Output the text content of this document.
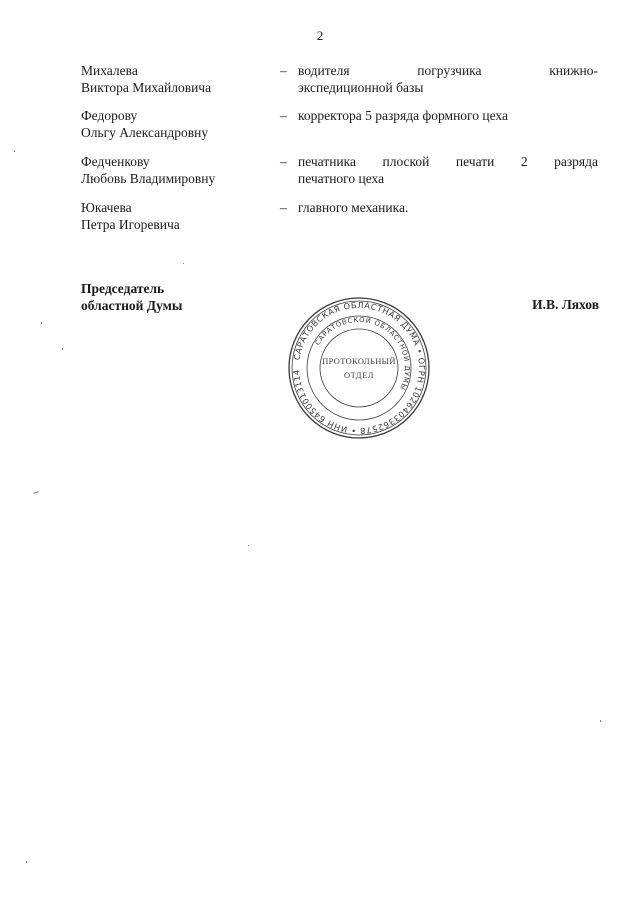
2
Михалева
Виктора Михайловича
– водителя погрузчика книжно-
экспедиционной базы
Федорову
Ольгу Александровну
– корректора 5 разряда формного цеха
Федченкову
Любовь Владимировну
– печатника плоской печати 2 разряда
печатного цеха
Юкачева
Петра Игоревича
– главного механика.
Председатель
областной Думы	И.В. Ляхов
САРАТОВСКАЯ ОБЛАСТНАЯ ДУМА • ОГРН 1026403362578 • ИНН 6450013114
САРАТОВСКОЙ ОБЛАСТНОЙ ДУМЫ
ПРОТОКОЛЬНЫЙ
ОТДЕЛ
